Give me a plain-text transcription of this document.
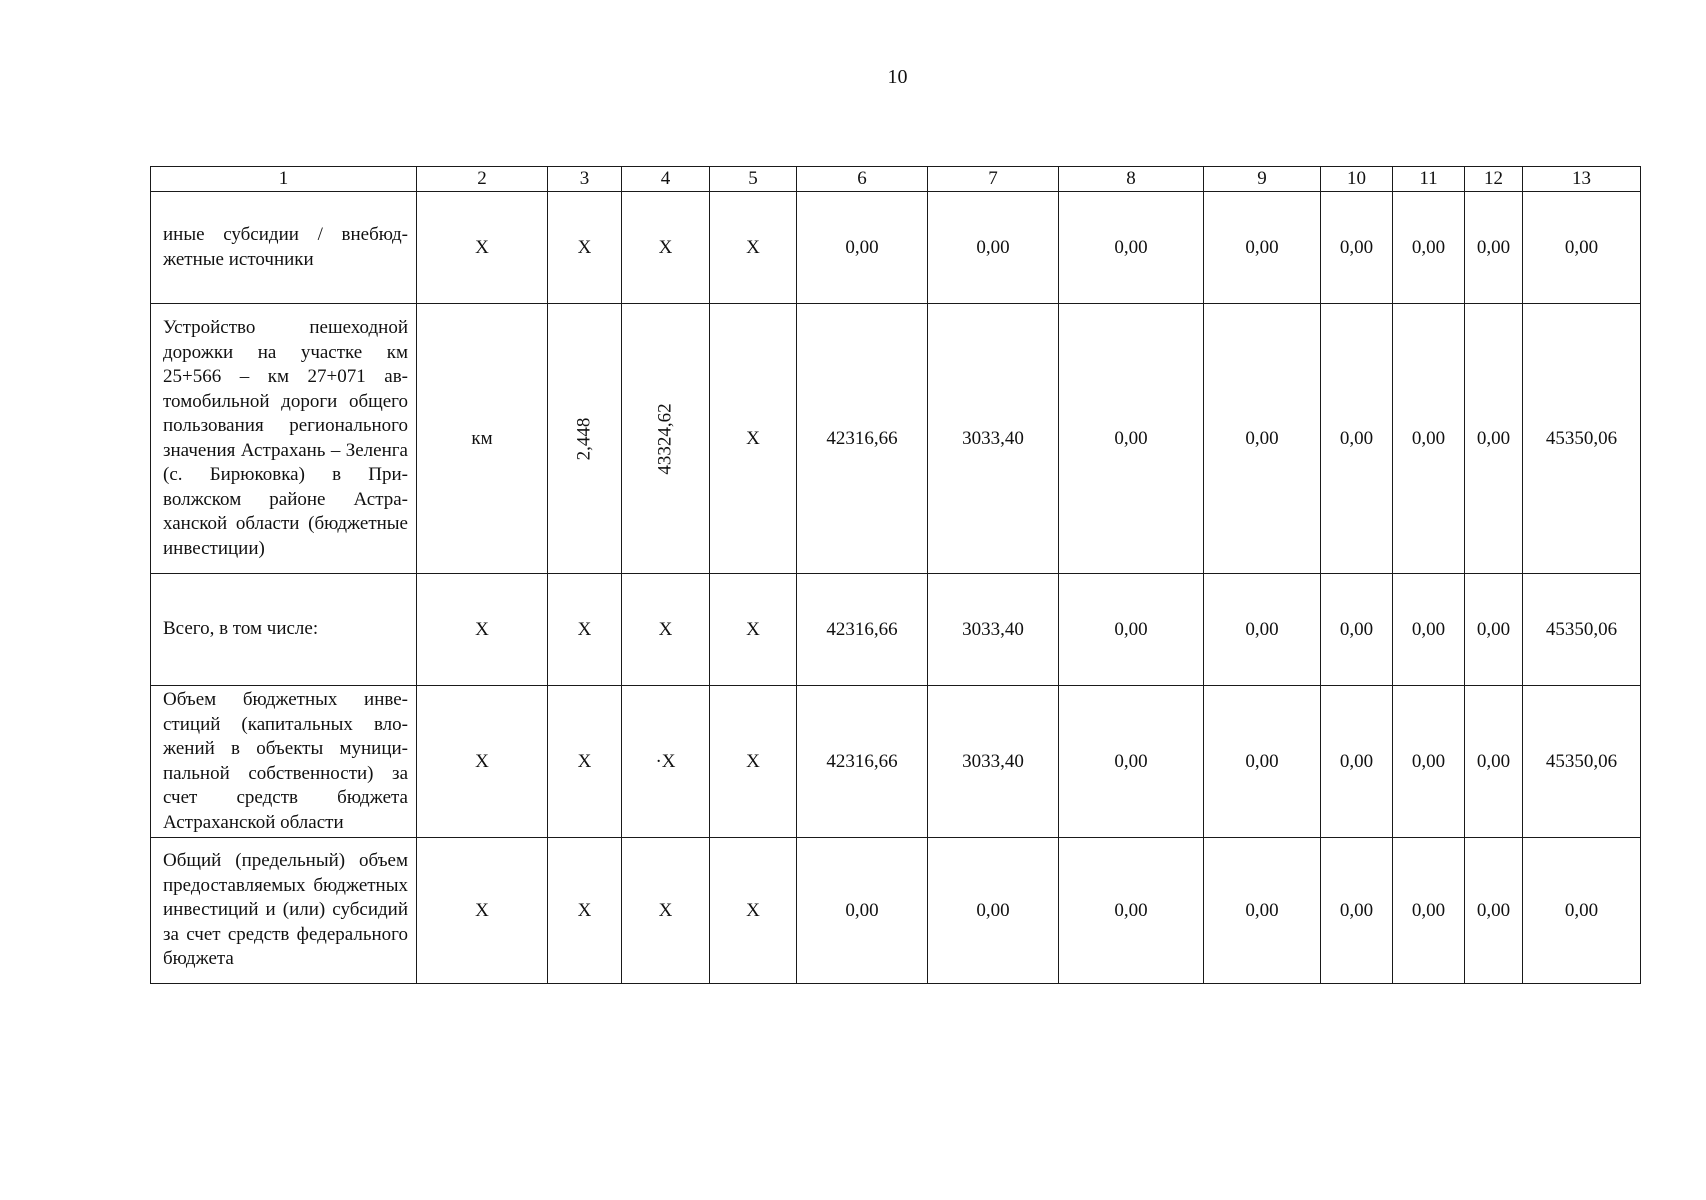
10
1	2	3	4	5	6	7	8	9	10	11	12	13
иные субсидии / внебюджетные источники	X	X	X	X	0,00	0,00	0,00	0,00	0,00	0,00	0,00	0,00
Устройство пешеходной дорожки на участке км 25+566 – км 27+071 автомобильной дороги общего пользования регионального значения Астрахань – Зеленга (с. Бирюковка) в Приволжском районе Астраханской области (бюджетные инвестиции)	км	2,448	43324,62	X	42316,66	3033,40	0,00	0,00	0,00	0,00	0,00	45350,06
Всего, в том числе:	X	X	X	X	42316,66	3033,40	0,00	0,00	0,00	0,00	0,00	45350,06
Объем бюджетных инвестиций (капитальных вложений в объекты муниципальной собственности) за счет средств бюджета Астраханской области	X	X	·X	X	42316,66	3033,40	0,00	0,00	0,00	0,00	0,00	45350,06
Общий (предельный) объем предоставляемых бюджетных инвестиций и (или) субсидий за счет средств федерального бюджета	X	X	X	X	0,00	0,00	0,00	0,00	0,00	0,00	0,00	0,00
